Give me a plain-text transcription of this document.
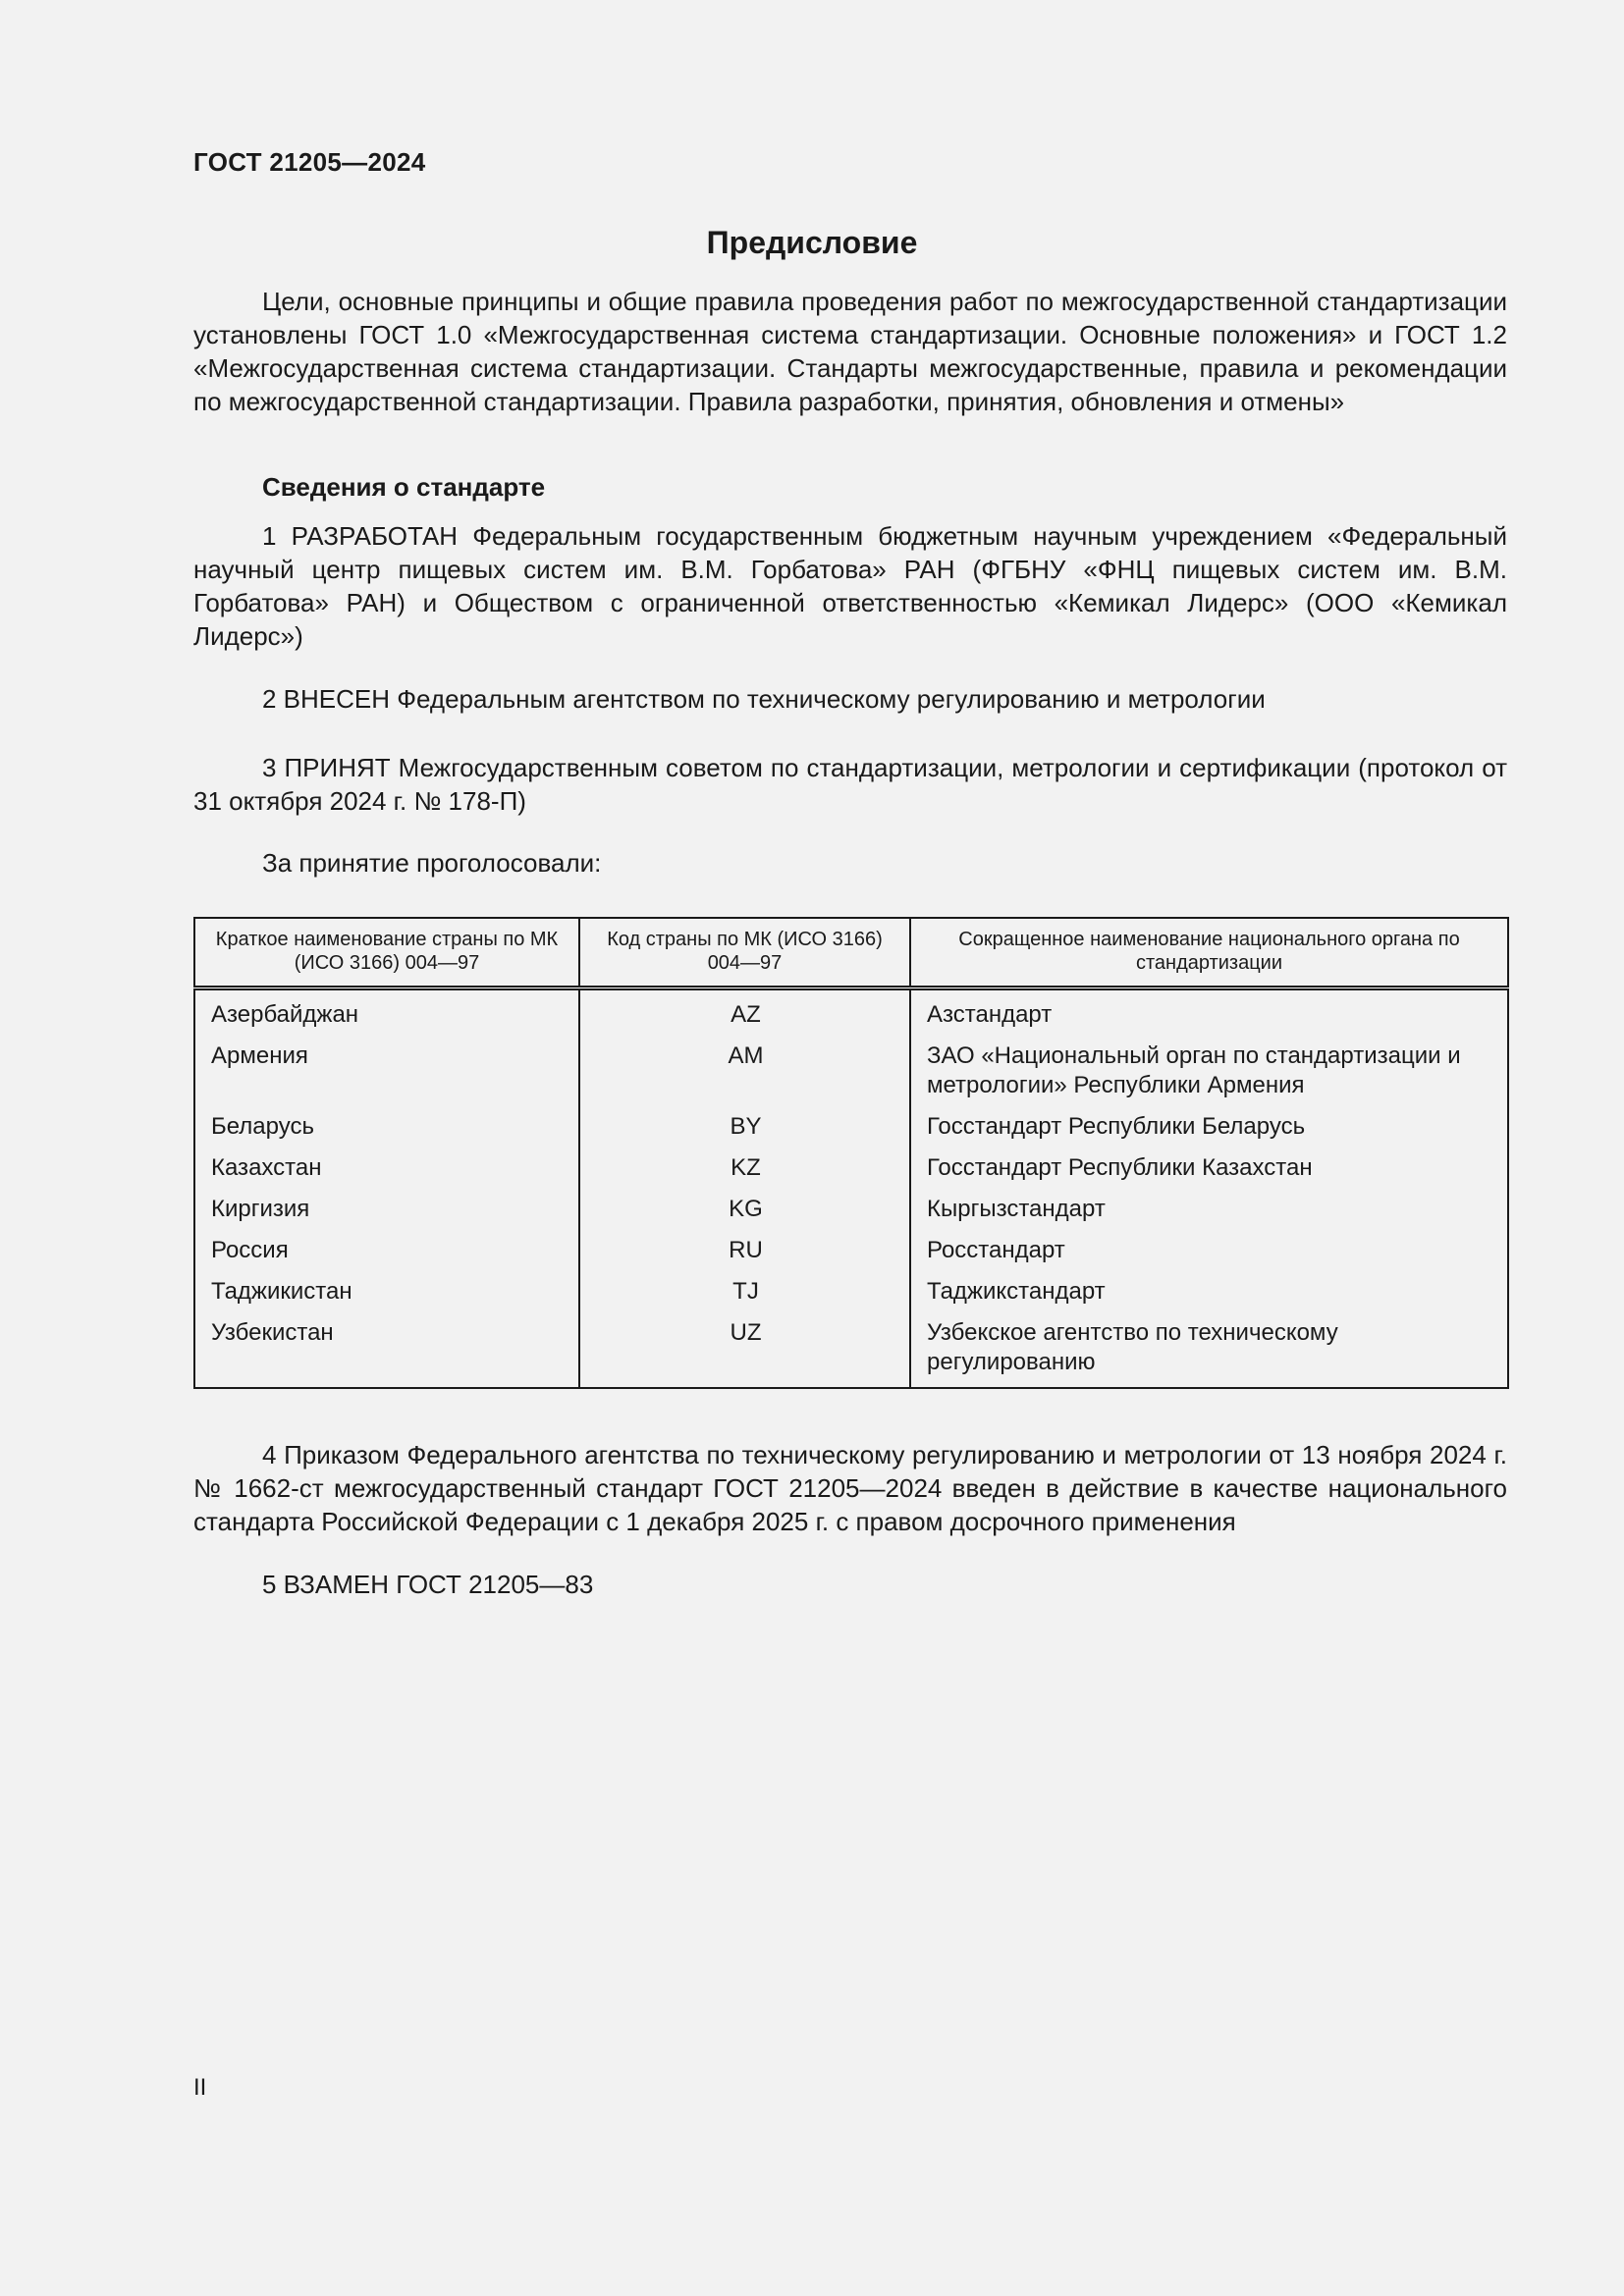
ГОСТ 21205—2024
Предисловие
Цели, основные принципы и общие правила проведения работ по межгосударственной стандартизации установлены ГОСТ 1.0 «Межгосударственная система стандартизации. Основные положения» и ГОСТ 1.2 «Межгосударственная система стандартизации. Стандарты межгосударственные, правила и рекомендации по межгосударственной стандартизации. Правила разработки, принятия, обновления и отмены»
Сведения о стандарте
1 РАЗРАБОТАН Федеральным государственным бюджетным научным учреждением «Федеральный научный центр пищевых систем им. В.М. Горбатова» РАН (ФГБНУ «ФНЦ пищевых систем им. В.М. Горбатова» РАН) и Обществом с ограниченной ответственностью «Кемикал Лидерс» (ООО «Кемикал Лидерс»)
2 ВНЕСЕН Федеральным агентством по техническому регулированию и метрологии
3 ПРИНЯТ Межгосударственным советом по стандартизации, метрологии и сертификации (протокол от 31 октября 2024 г. № 178-П)
За принятие проголосовали:
Краткое наименование страны по МК (ИСО 3166) 004—97	Код страны по МК (ИСО 3166) 004—97	Сокращенное наименование национального органа по стандартизации
Азербайджан	AZ	Азстандарт
Армения	AM	ЗАО «Национальный орган по стандартизации и метрологии» Республики Армения
Беларусь	BY	Госстандарт Республики Беларусь
Казахстан	KZ	Госстандарт Республики Казахстан
Киргизия	KG	Кыргызстандарт
Россия	RU	Росстандарт
Таджикистан	TJ	Таджикстандарт
Узбекистан	UZ	Узбекское агентство по техническому регулированию
4 Приказом Федерального агентства по техническому регулированию и метрологии от 13 ноября 2024 г. № 1662-ст межгосударственный стандарт ГОСТ 21205—2024 введен в действие в качестве национального стандарта Российской Федерации с 1 декабря 2025 г. с правом досрочного применения
5 ВЗАМЕН ГОСТ 21205—83
II
